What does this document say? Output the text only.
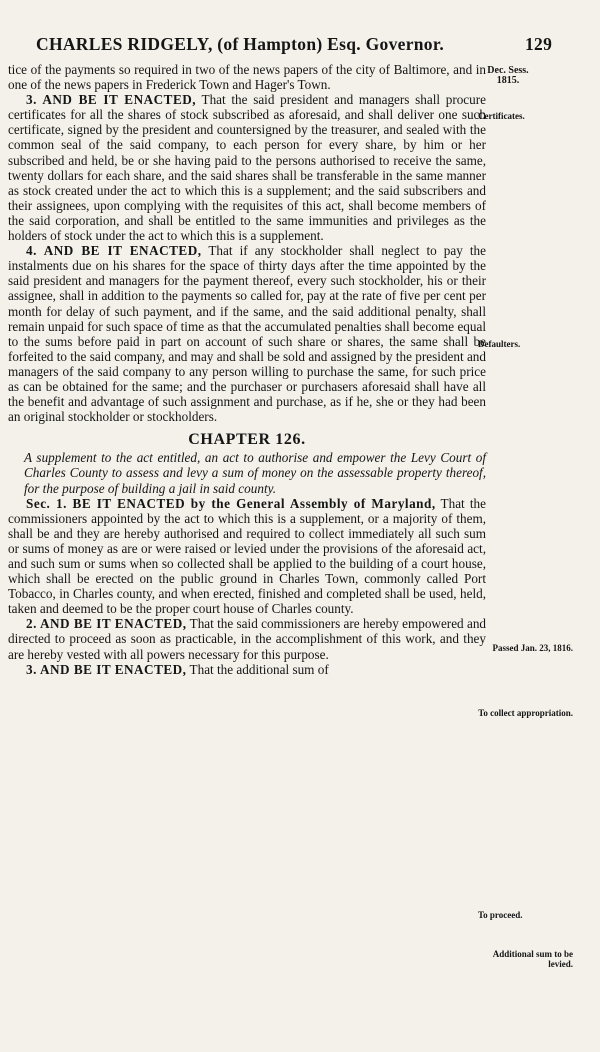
CHARLES RIDGELY, (of Hampton) Esq. Governor.	129

tice of the payments so required in two of the news papers of the city of Baltimore, and in one of the news papers in Frederick Town and Hager's Town.

3. AND BE IT ENACTED, That the said president and managers shall procure certificates for all the shares of stock subscribed as aforesaid, and shall deliver one such certificate, signed by the president and countersigned by the treasurer, and sealed with the common seal of the said company, to each person for every share, by him or her subscribed and held, be or she having paid to the persons authorised to receive the same, twenty dollars for each share, and the said shares shall be transferable in the same manner as stock created under the act to which this is a supplement; and the said subscribers and their assignees, upon complying with the requisites of this act, shall become members of the said corporation, and shall be entitled to the same immunities and privileges as the holders of stock under the act to which this is a supplement.

4. AND BE IT ENACTED, That if any stockholder shall neglect to pay the instalments due on his shares for the space of thirty days after the time appointed by the said president and managers for the payment thereof, every such stockholder, his or their assignee, shall in addition to the payments so called for, pay at the rate of five per cent per month for delay of such payment, and if the same, and the said additional penalty, shall remain unpaid for such space of time as that the accumulated penalties shall become equal to the sums before paid in part on account of such share or shares, the same shall be forfeited to the said company, and may and shall be sold and assigned by the president and managers of the said company to any person willing to purchase the same, for such price as can be obtained for the same; and the purchaser or purchasers aforesaid shall have all the benefit and advantage of such assignment and purchase, as if he, she or they had been an original stockholder or stockholders.

CHAPTER 126.

A supplement to the act entitled, an act to authorise and empower the Levy Court of Charles County to assess and levy a sum of money on the assessable property thereof, for the purpose of building a jail in said county.

Sec. 1. BE IT ENACTED by the General Assembly of Maryland, That the commissioners appointed by the act to which this is a supplement, or a majority of them, shall be and they are hereby authorised and required to collect immediately all such sum or sums of money as are or were raised or levied under the provisions of the aforesaid act, and such sum or sums when so collected shall be applied to the building of a court house, which shall be erected on the public ground in Charles Town, commonly called Port Tobacco, in Charles county, and when erected, finished and completed shall be used, held, taken and deemed to be the proper court house of Charles county.

2. AND BE IT ENACTED, That the said commissioners are hereby empowered and directed to proceed as soon as practicable, in the accomplishment of this work, and they are hereby vested with all powers necessary for this purpose.

3. AND BE IT ENACTED, That the additional sum of

Dec. Sess. 1815.
Certificates.
Defaulters.
Passed Jan. 23, 1816.
To collect appropriation.
To proceed.
Additional sum to be levied.
